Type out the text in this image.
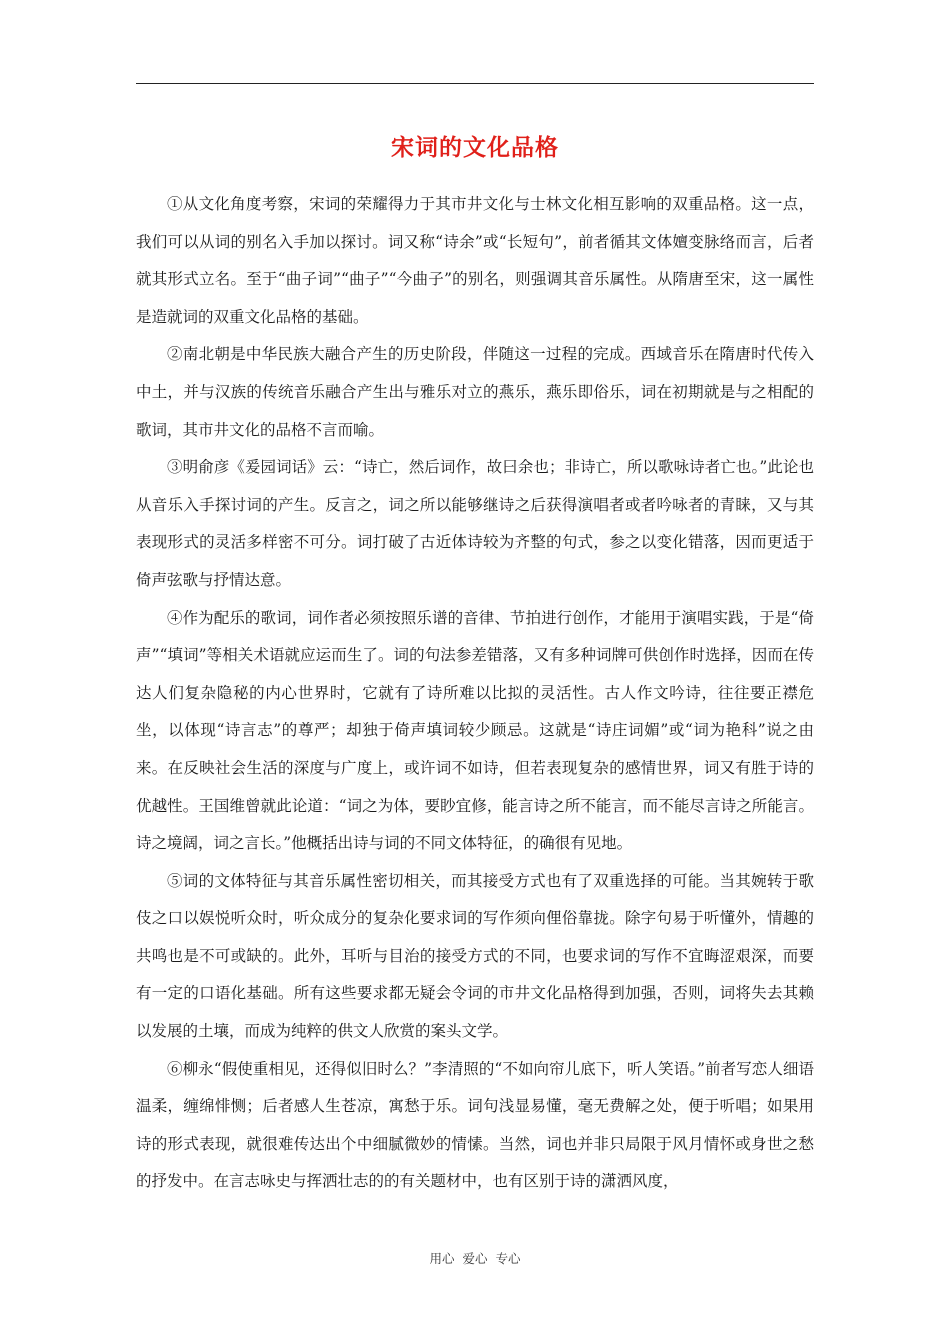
宋词的文化品格

①从文化角度考察，宋词的荣耀得力于其市井文化与士林文化相互影响的双重品格。这一点，我们可以从词的别名入手加以探讨。词又称“诗余”或“长短句”，前者循其文体嬗变脉络而言，后者就其形式立名。至于“曲子词”“曲子”“今曲子”的别名，则强调其音乐属性。从隋唐至宋，这一属性是造就词的双重文化品格的基础。

②南北朝是中华民族大融合产生的历史阶段，伴随这一过程的完成。西域音乐在隋唐时代传入中土，并与汉族的传统音乐融合产生出与雅乐对立的燕乐，燕乐即俗乐，词在初期就是与之相配的歌词，其市井文化的品格不言而喻。

③明俞彦《爰园词话》云：“诗亡，然后词作，故曰余也；非诗亡，所以歌咏诗者亡也。”此论也从音乐入手探讨词的产生。反言之，词之所以能够继诗之后获得演唱者或者吟咏者的青睐，又与其表现形式的灵活多样密不可分。词打破了古近体诗较为齐整的句式，参之以变化错落，因而更适于倚声弦歌与抒情达意。

④作为配乐的歌词，词作者必须按照乐谱的音律、节拍进行创作，才能用于演唱实践，于是“倚声”“填词”等相关术语就应运而生了。词的句法参差错落，又有多种词牌可供创作时选择，因而在传达人们复杂隐秘的内心世界时，它就有了诗所难以比拟的灵活性。古人作文吟诗，往往要正襟危坐，以体现“诗言志”的尊严；却独于倚声填词较少顾忌。这就是“诗庄词媚”或“词为艳科”说之由来。在反映社会生活的深度与广度上，或许词不如诗，但若表现复杂的感情世界，词又有胜于诗的优越性。王国维曾就此论道：“词之为体，要眇宜修，能言诗之所不能言，而不能尽言诗之所能言。诗之境阔，词之言长。”他概括出诗与词的不同文体特征，的确很有见地。

⑤词的文体特征与其音乐属性密切相关，而其接受方式也有了双重选择的可能。当其婉转于歌伎之口以娱悦听众时，听众成分的复杂化要求词的写作须向俚俗靠拢。除字句易于听懂外，情趣的共鸣也是不可或缺的。此外，耳听与目治的接受方式的不同，也要求词的写作不宜晦涩艰深，而要有一定的口语化基础。所有这些要求都无疑会令词的市井文化品格得到加强，否则，词将失去其赖以发展的土壤，而成为纯粹的供文人欣赏的案头文学。

⑥柳永“假使重相见，还得似旧时么？”李清照的“不如向帘儿底下，听人笑语。”前者写恋人细语温柔，缠绵悱恻；后者感人生苍凉，寓愁于乐。词句浅显易懂，毫无费解之处，便于听唱；如果用诗的形式表现，就很难传达出个中细腻微妙的情愫。当然，词也并非只局限于风月情怀或身世之愁的抒发中。在言志咏史与挥洒壮志的的有关题材中，也有区别于诗的潇洒风度，

用心 爱心 专心
